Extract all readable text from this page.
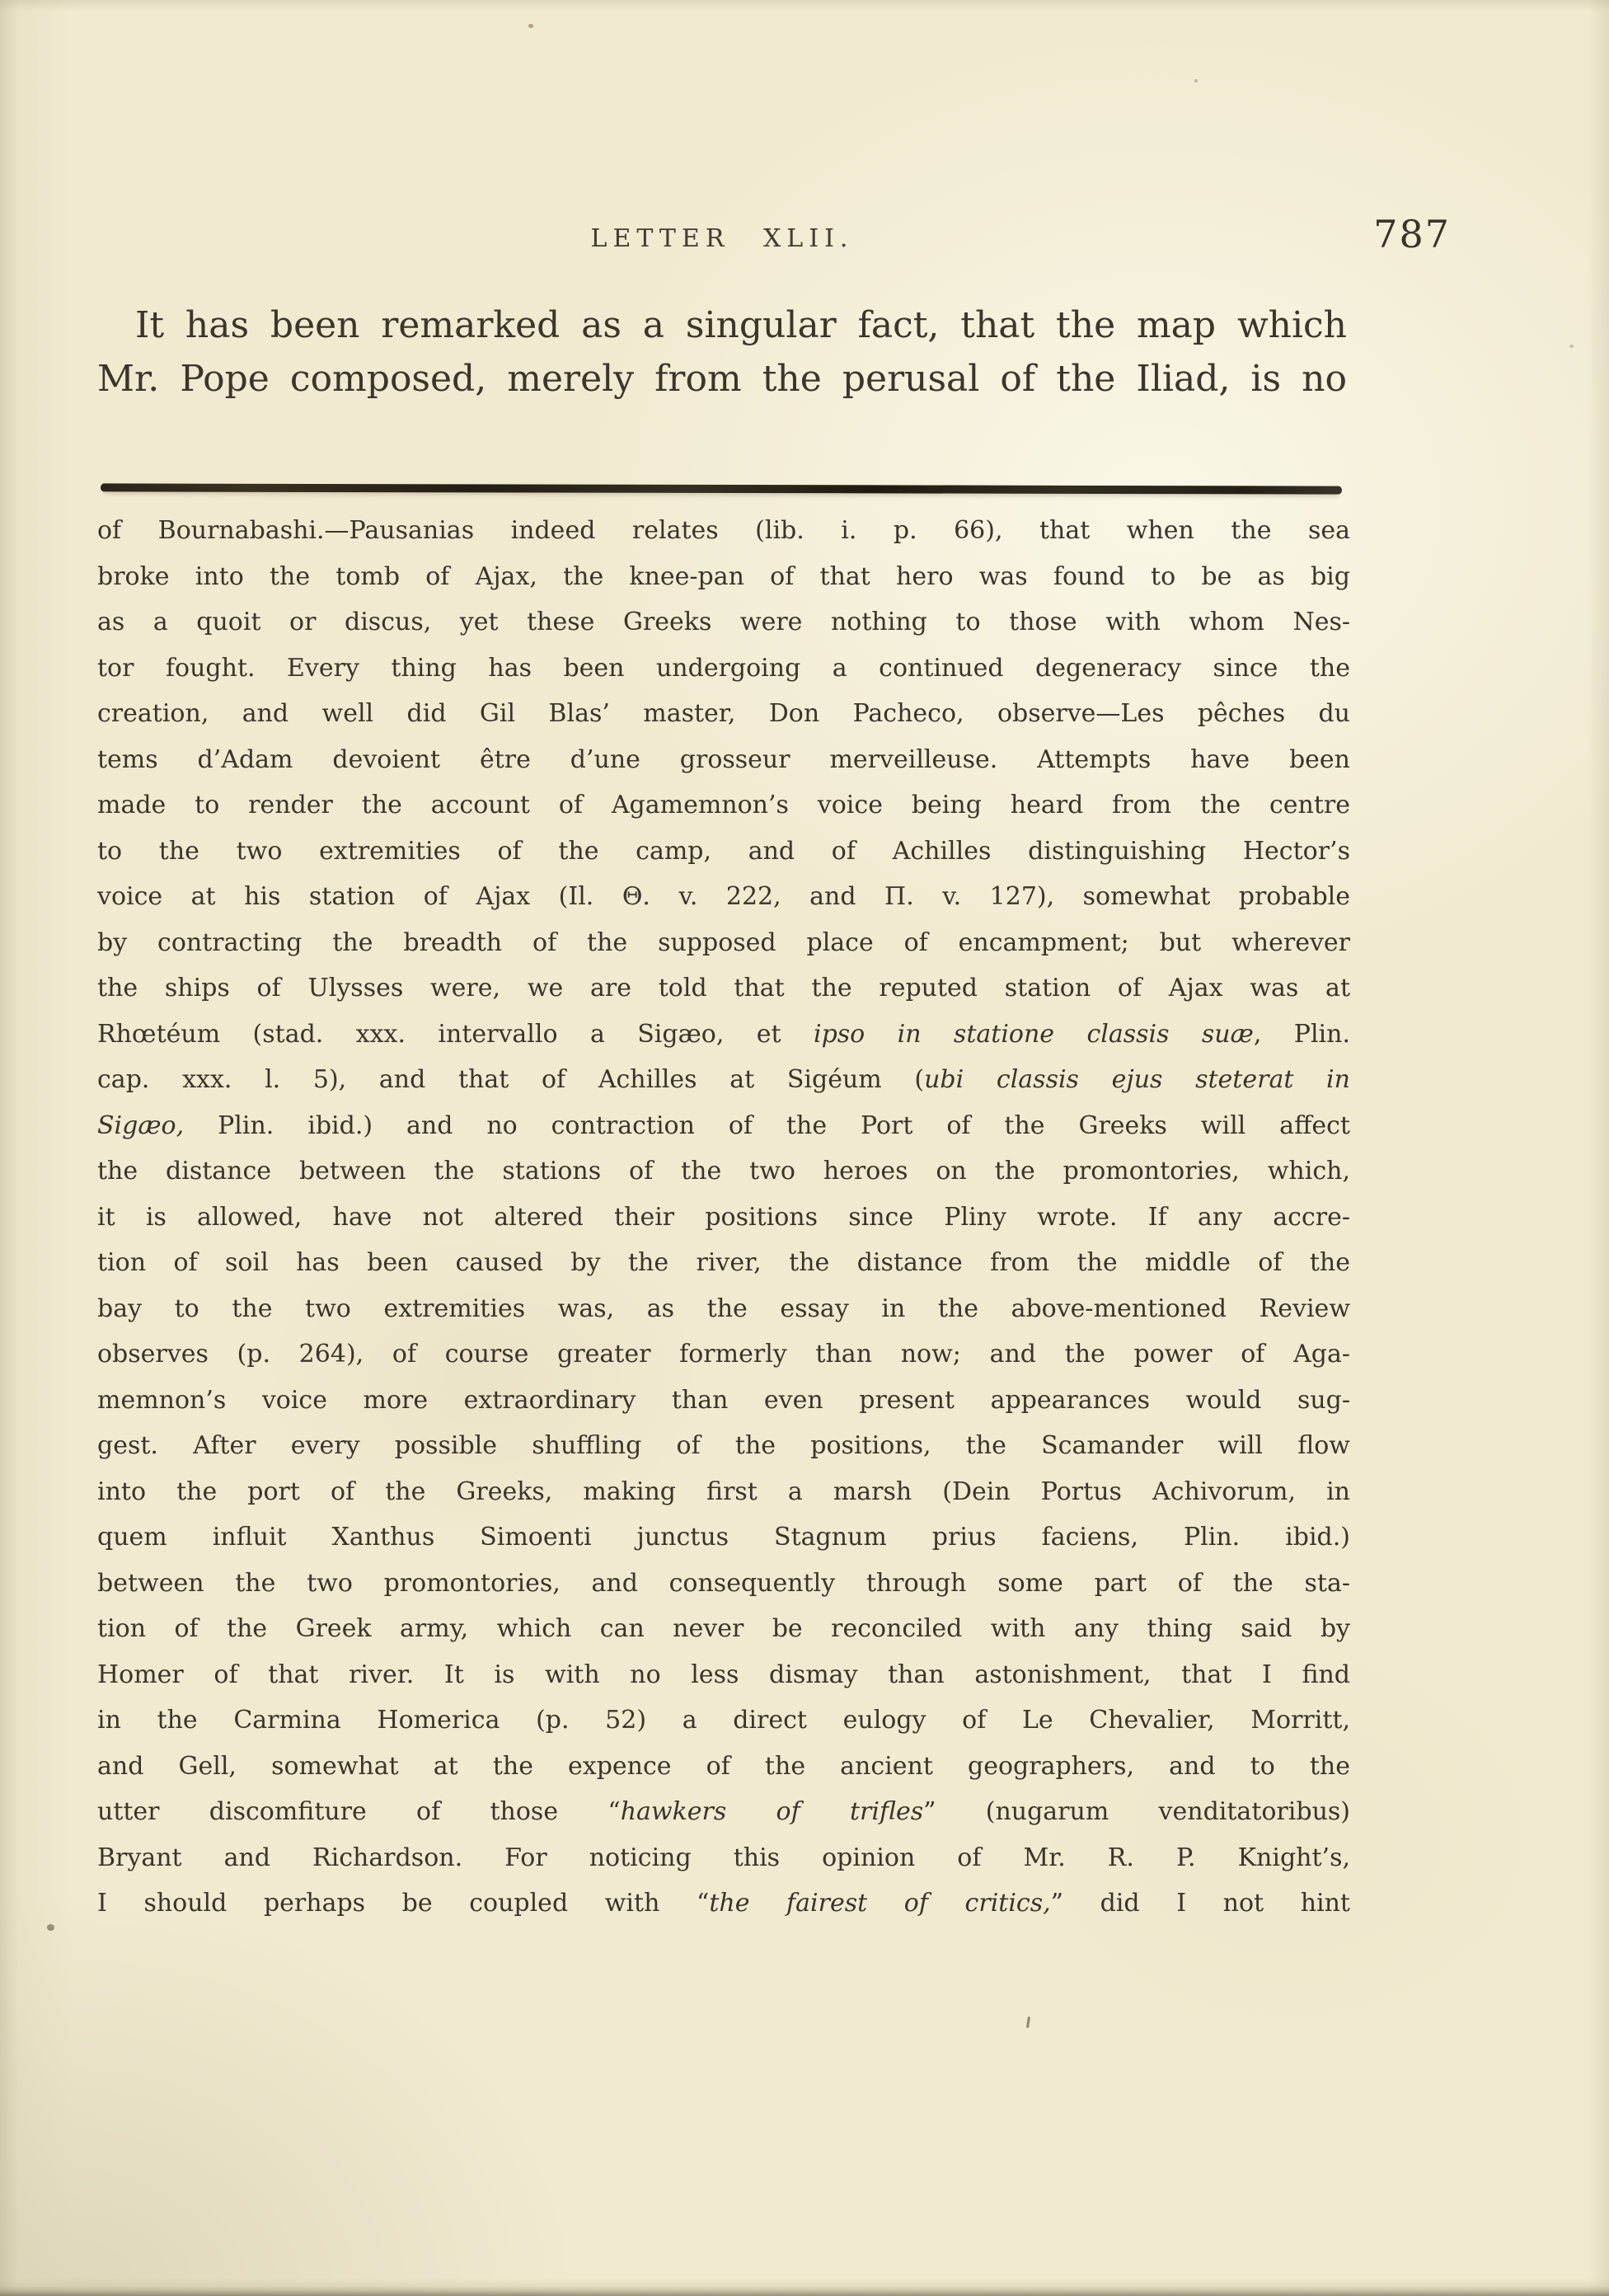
LETTER XLII.	787
It has been remarked as a singular fact, that the map which
Mr. Pope composed, merely from the perusal of the Iliad, is no
of Bournabashi.—Pausanias indeed relates (lib. i. p. 66), that when the sea
broke into the tomb of Ajax, the knee-pan of that hero was found to be as big
as a quoit or discus, yet these Greeks were nothing to those with whom Nes-
tor fought. Every thing has been undergoing a continued degeneracy since the
creation, and well did Gil Blas’ master, Don Pacheco, observe—Les pêches du
tems d’Adam devoient être d’une grosseur merveilleuse. Attempts have been
made to render the account of Agamemnon’s voice being heard from the centre
to the two extremities of the camp, and of Achilles distinguishing Hector’s
voice at his station of Ajax (Il. Θ. v. 222, and Π. v. 127), somewhat probable
by contracting the breadth of the supposed place of encampment; but wherever
the ships of Ulysses were, we are told that the reputed station of Ajax was at
Rhœtéum (stad. xxx. intervallo a Sigæo, et ipso in statione classis suæ, Plin.
cap. xxx. l. 5), and that of Achilles at Sigéum (ubi classis ejus steterat in
Sigæo, Plin. ibid.) and no contraction of the Port of the Greeks will affect
the distance between the stations of the two heroes on the promontories, which,
it is allowed, have not altered their positions since Pliny wrote. If any accre-
tion of soil has been caused by the river, the distance from the middle of the
bay to the two extremities was, as the essay in the above-mentioned Review
observes (p. 264), of course greater formerly than now; and the power of Aga-
memnon’s voice more extraordinary than even present appearances would sug-
gest. After every possible shuffling of the positions, the Scamander will flow
into the port of the Greeks, making first a marsh (Dein Portus Achivorum, in
quem influit Xanthus Simoenti junctus Stagnum prius faciens, Plin. ibid.)
between the two promontories, and consequently through some part of the sta-
tion of the Greek army, which can never be reconciled with any thing said by
Homer of that river. It is with no less dismay than astonishment, that I find
in the Carmina Homerica (p. 52) a direct eulogy of Le Chevalier, Morritt,
and Gell, somewhat at the expence of the ancient geographers, and to the
utter discomfiture of those “hawkers of trifles” (nugarum venditatoribus)
Bryant and Richardson. For noticing this opinion of Mr. R. P. Knight’s,
I should perhaps be coupled with “the fairest of critics,” did I not hint
